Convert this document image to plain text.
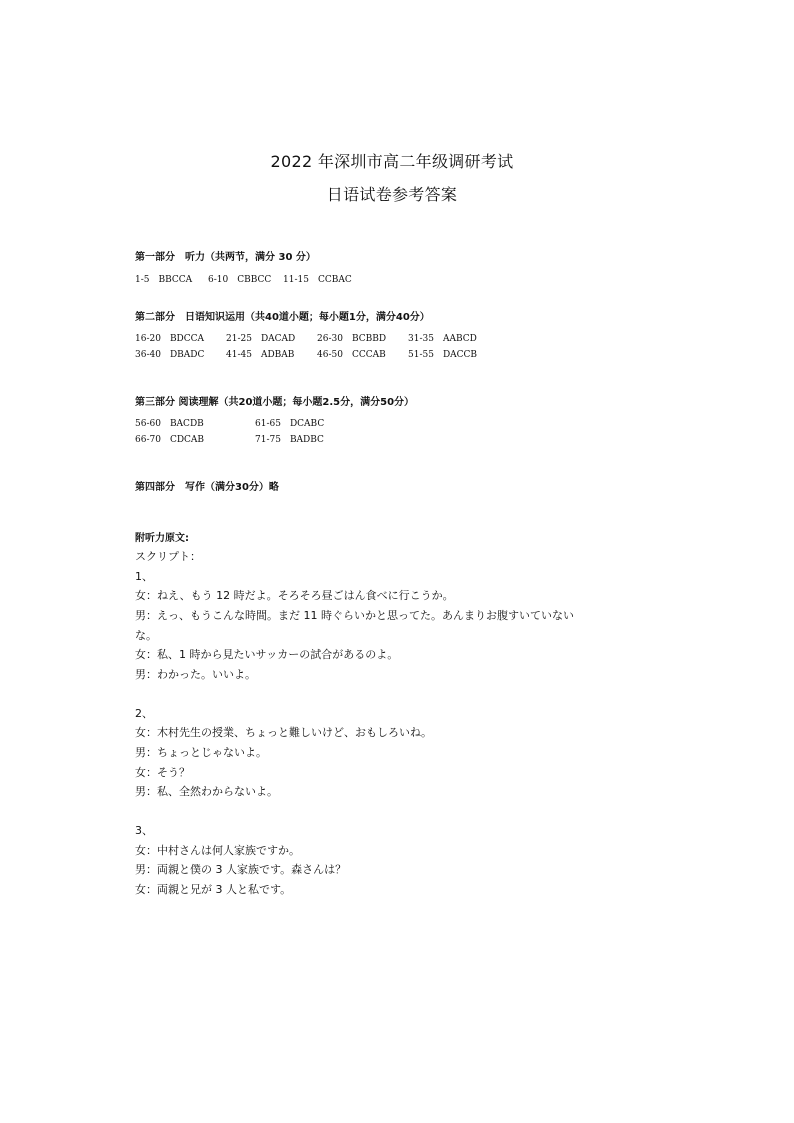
2022 年深圳市高二年级调研考试
日语试卷参考答案
第一部分　听力（共两节，满分 30 分）
1-5　BBCCA 6-10　CBBCC 11-15　CCBAC
第二部分　日语知识运用（共40道小题；每小题1分，满分40分）
16-20　BDCCA 21-25　DACAD 26-30　BCBBD 31-35　AABCD
36-40　DBADC 41-45　ADBAB	46-50　CCCAB 51-55　DACCB
第三部分 阅读理解（共20道小题；每小题2.5分，满分50分）
56-60　BACDB	61-65　DCABC
66-70　CDCAB	71-75　BADBC
第四部分　写作（满分30分）略
附听力原文:
スクリプト：
1、
女：ねえ、もう 12 時だよ。そろそろ昼ごはん食べに行こうか。
男：えっ、もうこんな時間。まだ 11 時ぐらいかと思ってた。あんまりお腹すいていない
な。
女：私、1 時から見たいサッカーの試合があるのよ。
男：わかった。いいよ。
2、
女：木村先生の授業、ちょっと難しいけど、おもしろいね。
男：ちょっとじゃないよ。
女：そう？
男：私、全然わからないよ。
3、
女：中村さんは何人家族ですか。
男：両親と僕の 3 人家族です。森さんは？
女：両親と兄が 3 人と私です。
